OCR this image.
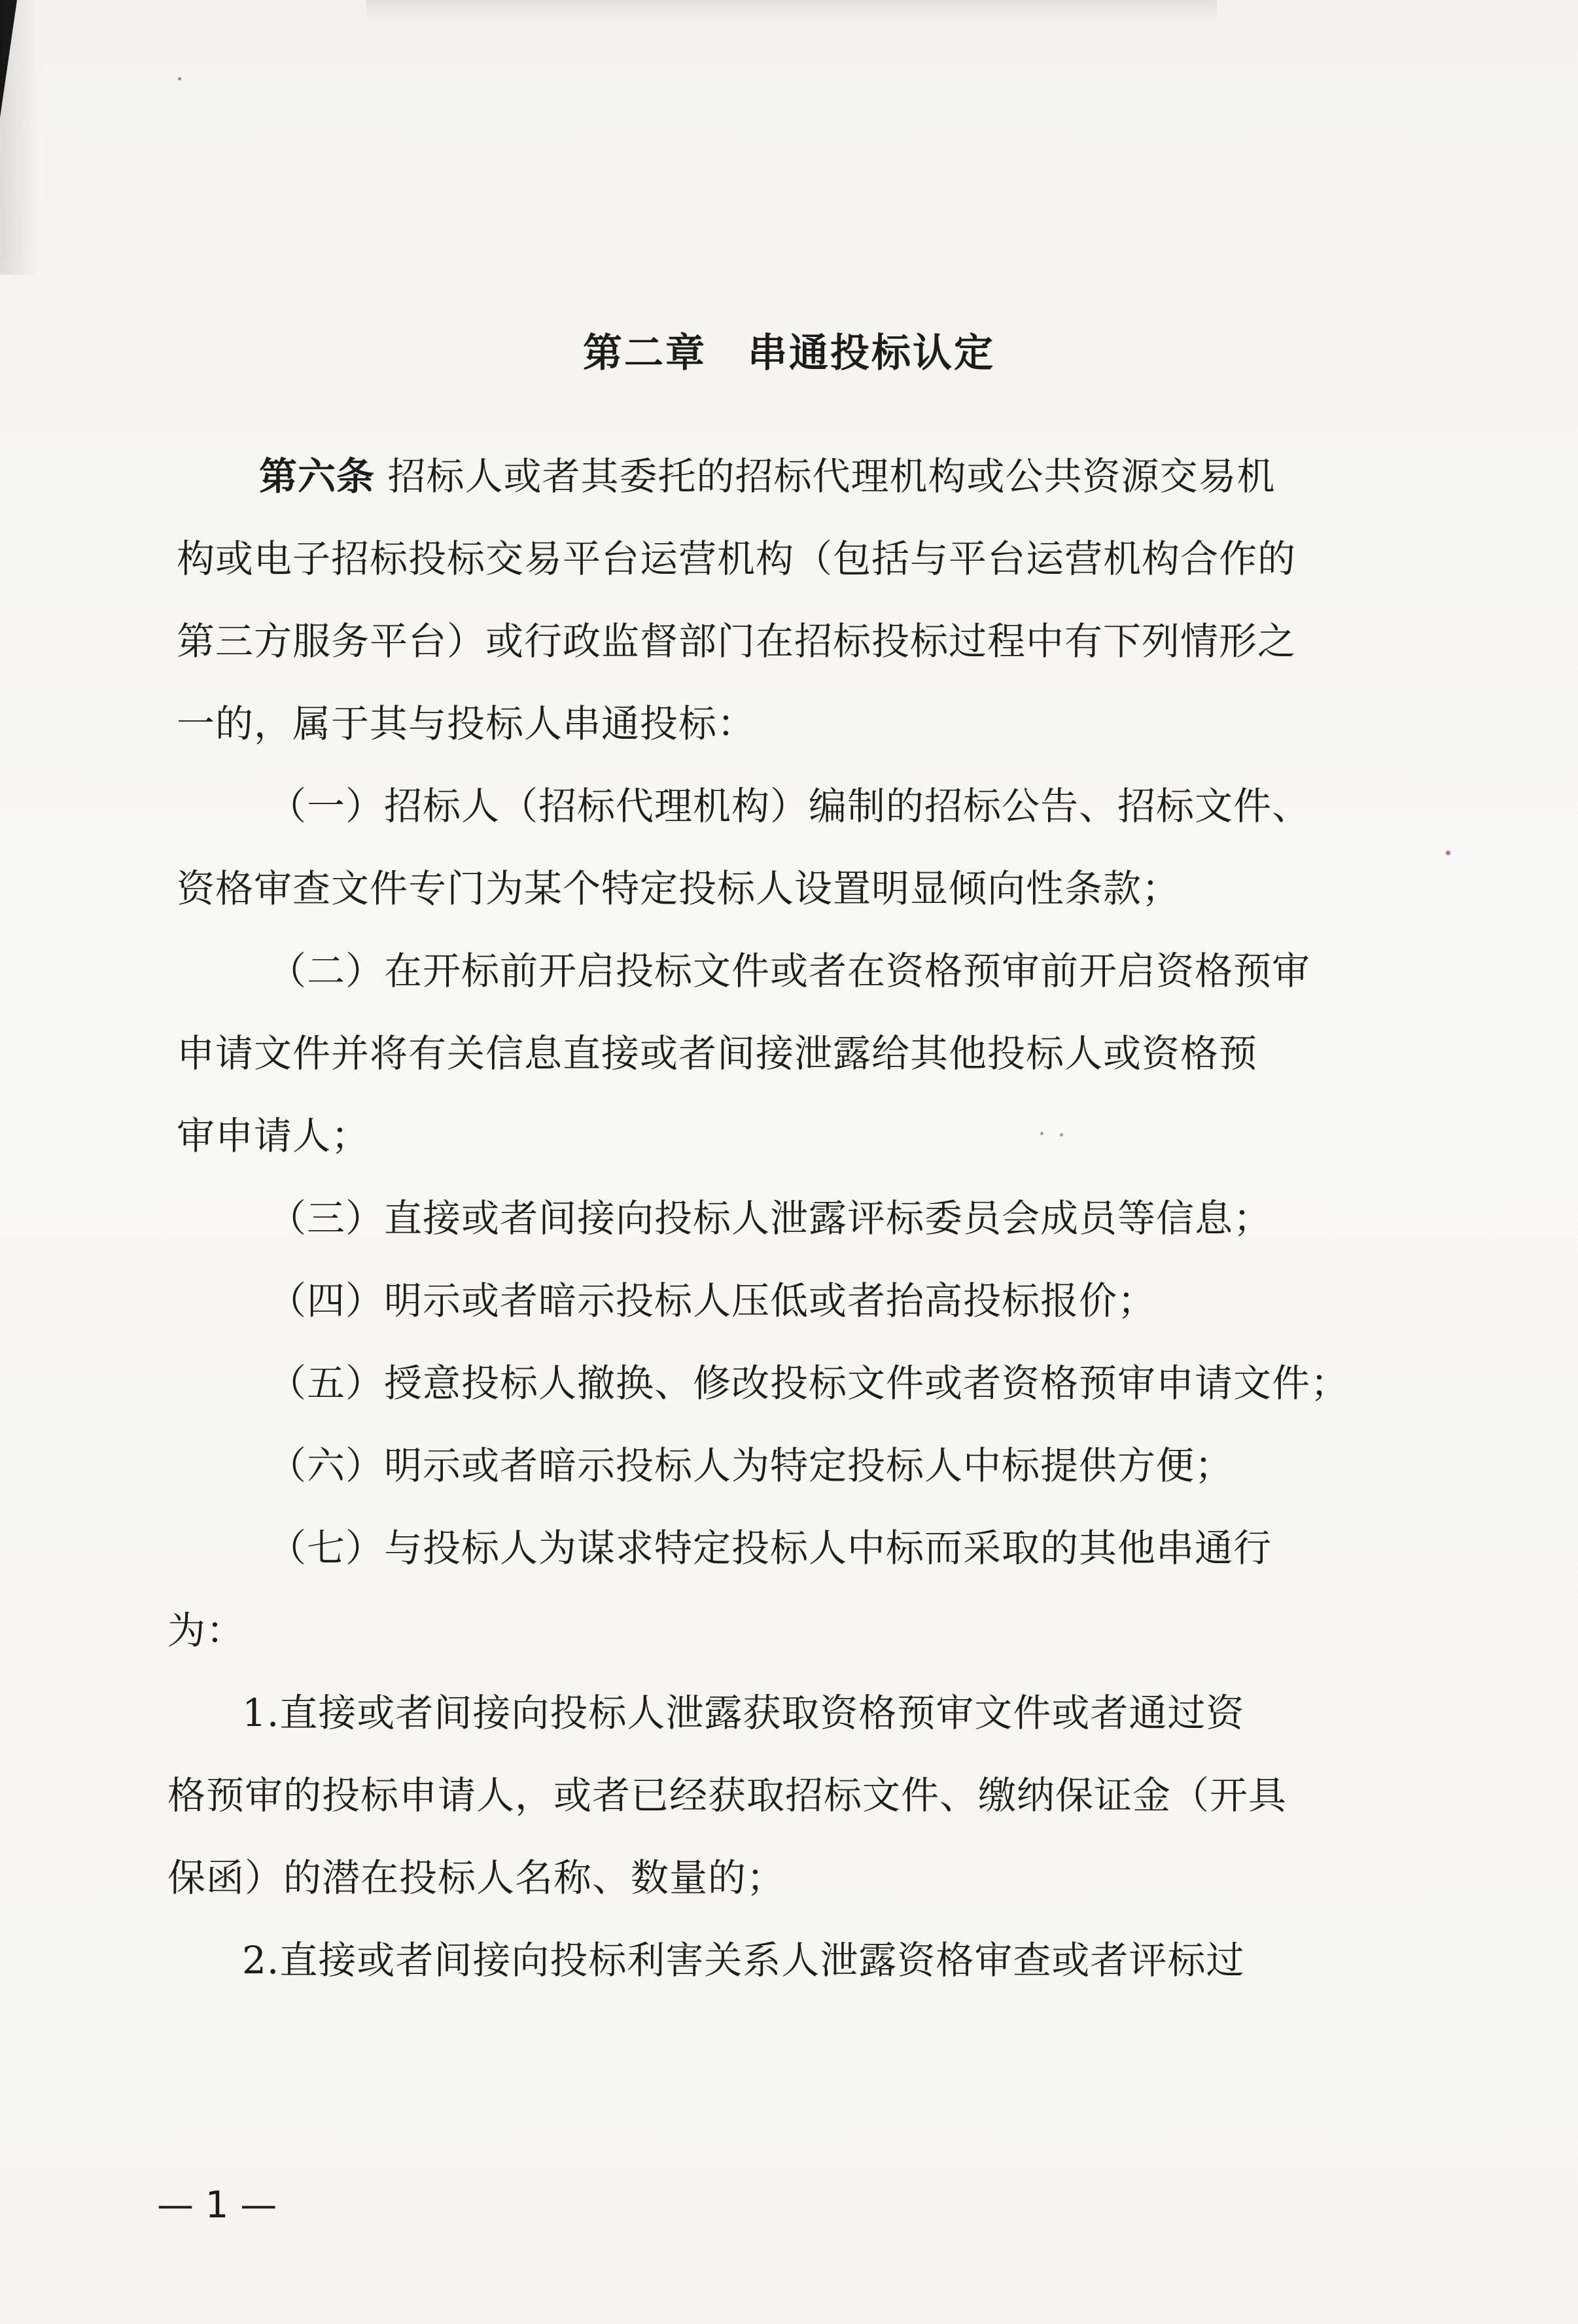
第二章　串通投标认定
第六条 招标人或者其委托的招标代理机构或公共资源交易机
构或电子招标投标交易平台运营机构（包括与平台运营机构合作的
第三方服务平台）或行政监督部门在招标投标过程中有下列情形之
一的，属于其与投标人串通投标：
（一）招标人（招标代理机构）编制的招标公告、招标文件、
资格审查文件专门为某个特定投标人设置明显倾向性条款；
（二）在开标前开启投标文件或者在资格预审前开启资格预审
申请文件并将有关信息直接或者间接泄露给其他投标人或资格预
审申请人；
（三）直接或者间接向投标人泄露评标委员会成员等信息；
（四）明示或者暗示投标人压低或者抬高投标报价；
（五）授意投标人撤换、修改投标文件或者资格预审申请文件；
（六）明示或者暗示投标人为特定投标人中标提供方便；
（七）与投标人为谋求特定投标人中标而采取的其他串通行
为：
1.直接或者间接向投标人泄露获取资格预审文件或者通过资
格预审的投标申请人，或者已经获取招标文件、缴纳保证金（开具
保函）的潜在投标人名称、数量的；
2.直接或者间接向投标利害关系人泄露资格审查或者评标过
— 1 —
